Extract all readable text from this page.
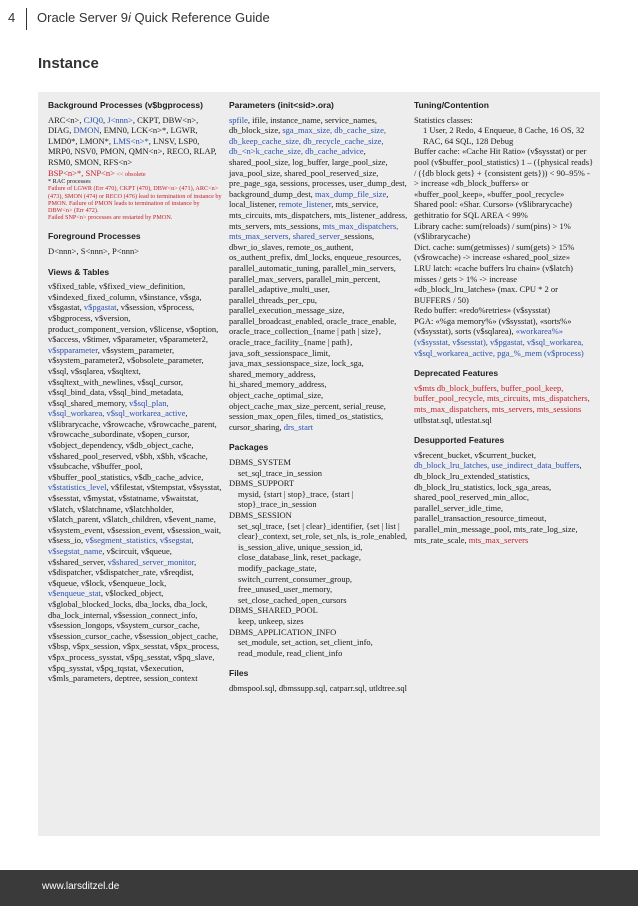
4 Oracle Server 9i Quick Reference Guide
Instance
Background Processes (v$bgprocess)

ARC<n>, CJQ0, J<nnn>, CKPT, DBW<n>, DIAG, DMON, EMN0, LCK<n>*, LGWR, LMD0*, LMON*, LMS<n>*, LNSV, LSP0, MRP0, NSV0, PMON, QMN<n>, RECO, RLAP, RSM0, SMON, RFS<n>

BSP<n>*, SNP<n> << obsolete

* RAC processes

Failure of LGWR (Err 470), CKPT (470), DBW<n> (471), ARC<n> (473), SMON (474) or RECO (476) lead to termination of instance by PMON. Failure of PMON leads to termination of instance by DBW<n> (Err 472).

Failed SNP<n> processes are restarted by PMON.

Foreground Processes

D<nnn>, S<nnn>, P<nnn>

Views & Tables

v$fixed_table, v$fixed_view_definition, v$indexed_fixed_column, v$instance, v$sga, v$sgastat, v$pgastat, v$session, v$process, v$bgprocess, v$version, product_component_version, v$license, v$option, v$access, v$timer, v$parameter, v$parameter2, v$spparameter, v$system_parameter, v$system_parameter2, v$obsolete_parameter, v$sql, v$sqlarea, v$sqltext, v$sqltext_with_newlines, v$sql_cursor, v$sql_bind_data, v$sql_bind_metadata, v$sql_shared_memory, v$sql_plan, v$sql_workarea, v$sql_workarea_active, v$librarycache, v$rowcache, v$rowcache_parent, v$rowcache_subordinate, v$open_cursor, v$object_dependency, v$db_object_cache, v$shared_pool_reserved, v$bh, x$bh, v$cache, v$subcache, v$buffer_pool, v$buffer_pool_statistics, v$db_cache_advice, v$statistics_level, v$filestat, v$tempstat, v$sysstat, v$sesstat, v$mystat, v$statname, v$waitstat, v$latch, v$latchname, v$latchholder, v$latch_parent, v$latch_children, v$event_name, v$system_event, v$session_event, v$session_wait, v$sess_io, v$segment_statistics, v$segstat, v$segstat_name, v$circuit, v$queue, v$shared_server, v$shared_server_monitor, v$dispatcher, v$dispatcher_rate, v$reqdist, v$queue, v$lock, v$enqueue_lock, v$enqueue_stat, v$locked_object, v$global_blocked_locks, dba_locks, dba_lock, dba_lock_internal, v$session_connect_info, v$session_longops, v$system_cursor_cache, v$session_cursor_cache, v$session_object_cache, v$bsp, v$px_session, v$px_sesstat, v$px_process, v$px_process_sysstat, v$pq_sesstat, v$pq_slave, v$pq_sysstat, v$pq_tqstat, v$execution, v$mls_parameters, deptree, session_context

Parameters (init<sid>.ora)

spfile, ifile, instance_name, service_names, db_block_size, sga_max_size, db_cache_size, db_keep_cache_size, db_recycle_cache_size, db_<n>k_cache_size, db_cache_advice, shared_pool_size, log_buffer, large_pool_size, java_pool_size, shared_pool_reserved_size, pre_page_sga, sessions, processes, user_dump_dest, background_dump_dest, max_dump_file_size, local_listener, remote_listener, mts_service, mts_circuits, mts_dispatchers, mts_listener_address, mts_servers, mts_sessions, mts_max_dispatchers, mts_max_servers, shared_server_sessions, dbwr_io_slaves, remote_os_authent, os_authent_prefix, dml_locks, enqueue_resources, parallel_automatic_tuning, parallel_min_servers, parallel_max_servers, parallel_min_percent, parallel_adaptive_multi_user, parallel_threads_per_cpu, parallel_execution_message_size, parallel_broadcast_enabled, oracle_trace_enable, oracle_trace_collection_{name | path | size}, oracle_trace_facility_{name | path}, java_soft_sessionspace_limit, java_max_sessionspace_size, lock_sga, shared_memory_address, hi_shared_memory_address, object_cache_optimal_size, object_cache_max_size_percent, serial_reuse, session_max_open_files, timed_os_statistics, cursor_sharing, drs_start

Packages

DBMS_SYSTEM

set_sql_trace_in_session

DBMS_SUPPORT

mysid, {start | stop}_trace, {start | stop}_trace_in_session

DBMS_SESSION

set_sql_trace, {set | clear}_identifier, {set | list | clear}_context, set_role, set_nls, is_role_enabled, is_session_alive, unique_session_id, close_database_link, reset_package, modify_package_state, switch_current_consumer_group, free_unused_user_memory, set_close_cached_open_cursors

DBMS_SHARED_POOL

keep, unkeep, sizes

DBMS_APPLICATION_INFO

set_module, set_action, set_client_info, read_module, read_client_info

Files

dbmspool.sql, dbmssupp.sql, catparr.sql, utldtree.sql

Tuning/Contention

Statistics classes:

1 User, 2 Redo, 4 Enqueue, 8 Cache, 16 OS, 32 RAC, 64 SQL, 128 Debug

Buffer cache: «Cache Hit Ratio» (v$sysstat) or per pool (v$buffer_pool_statistics) 1 – ({physical reads} / ({db block gets} + {consistent gets})) < 90–95% -> increase «db_block_buffers» or «buffer_pool_keep», «buffer_pool_recycle»

Shared pool: «Shar. Cursors» (v$librarycache) gethitratio for SQL AREA < 99%

Library cache: sum(reloads) / sum(pins) > 1% (v$librarycache)

Dict. cache: sum(getmisses) / sum(gets) > 15% (v$rowcache) -> increase «shared_pool_size»

LRU latch: «cache buffers lru chain» (v$latch) misses / gets > 1% -> increase «db_block_lru_latches» (max. CPU * 2 or BUFFERS / 50)

Redo buffer: «redo%retries» (v$sysstat)

PGA: «%ga memory%» (v$sysstat), «sorts%» (v$sysstat), sorts (v$sqlarea), «workarea%» (v$sysstat, v$sesstat), v$pgastat, v$sql_workarea, v$sql_workarea_active, pga_%_mem (v$process)

Deprecated Features

v$mts db_block_buffers, buffer_pool_keep, buffer_pool_recycle, mts_circuits, mts_dispatchers, mts_max_dispatchers, mts_servers, mts_sessions

utlbstat.sql, utlestat.sql

Desupported Features

v$recent_bucket, v$current_bucket, db_block_lru_latches, use_indirect_data_buffers, db_block_lru_extended_statistics, db_block_lru_statistics, lock_sga_areas, shared_pool_reserved_min_alloc, parallel_server_idle_time, parallel_transaction_resource_timeout, parallel_min_message_pool, mts_rate_log_size, mts_rate_scale, mts_max_servers

www.larsditzel.de
